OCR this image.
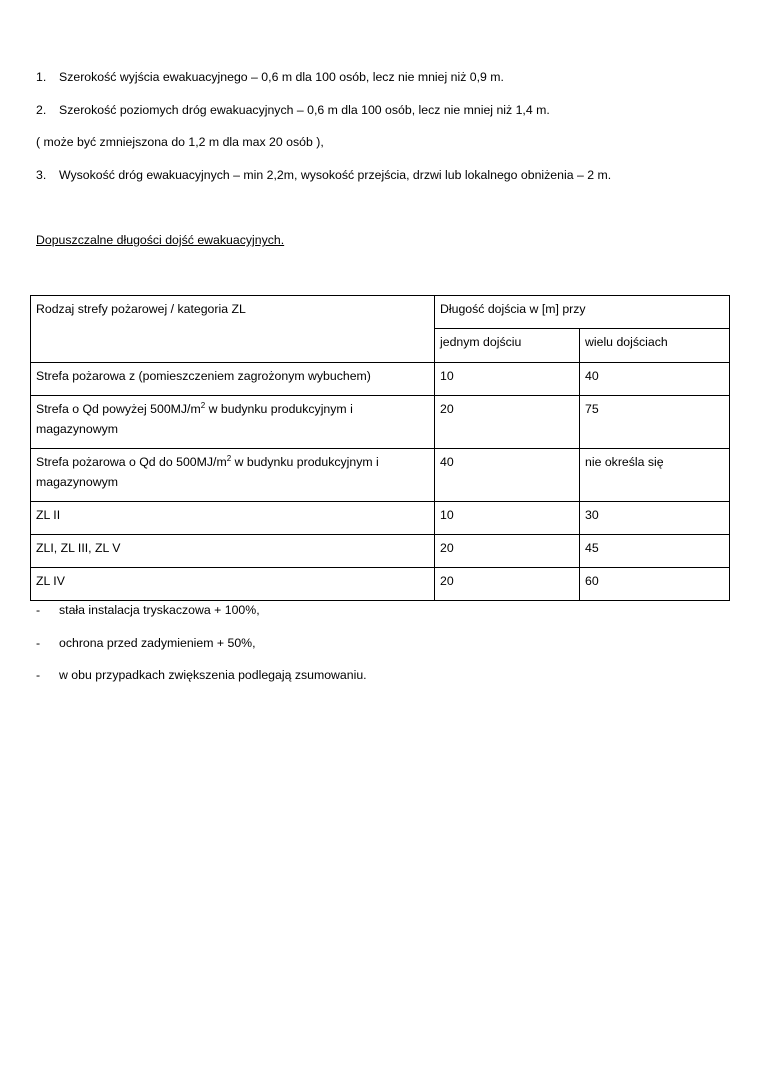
1. Szerokość wyjścia ewakuacyjnego – 0,6 m dla 100 osób, lecz nie mniej niż 0,9 m.
2. Szerokość poziomych dróg ewakuacyjnych – 0,6 m dla 100 osób, lecz nie mniej niż 1,4 m.
( może być zmniejszona do 1,2 m dla max 20 osób ),
3. Wysokość dróg ewakuacyjnych – min 2,2m, wysokość przejścia, drzwi lub lokalnego obniżenia – 2 m.
Dopuszczalne długości dojść ewakuacyjnych.
Rodzaj strefy pożarowej / kategoria ZL	Długość dojścia w [m] przy	
	jednym dojściu	wielu dojściach
Strefa pożarowa z (pomieszczeniem zagrożonym wybuchem)	10	40
Strefa o Qd powyżej $500MJ/m^2$ w budynku produkcyjnym i magazynowym	20	75
Strefa pożarowa o Qd do $500MJ/m^2$ w budynku produkcyjnym i magazynowym	40	nie określa się
ZL II	10	30
ZLI, ZL III, ZL V	20	45
ZL IV	20	60
- stała instalacja tryskaczowa + 100%,
- ochrona przed zadymieniem + 50%,
- w obu przypadkach zwiększenia podlegają zsumowaniu.
